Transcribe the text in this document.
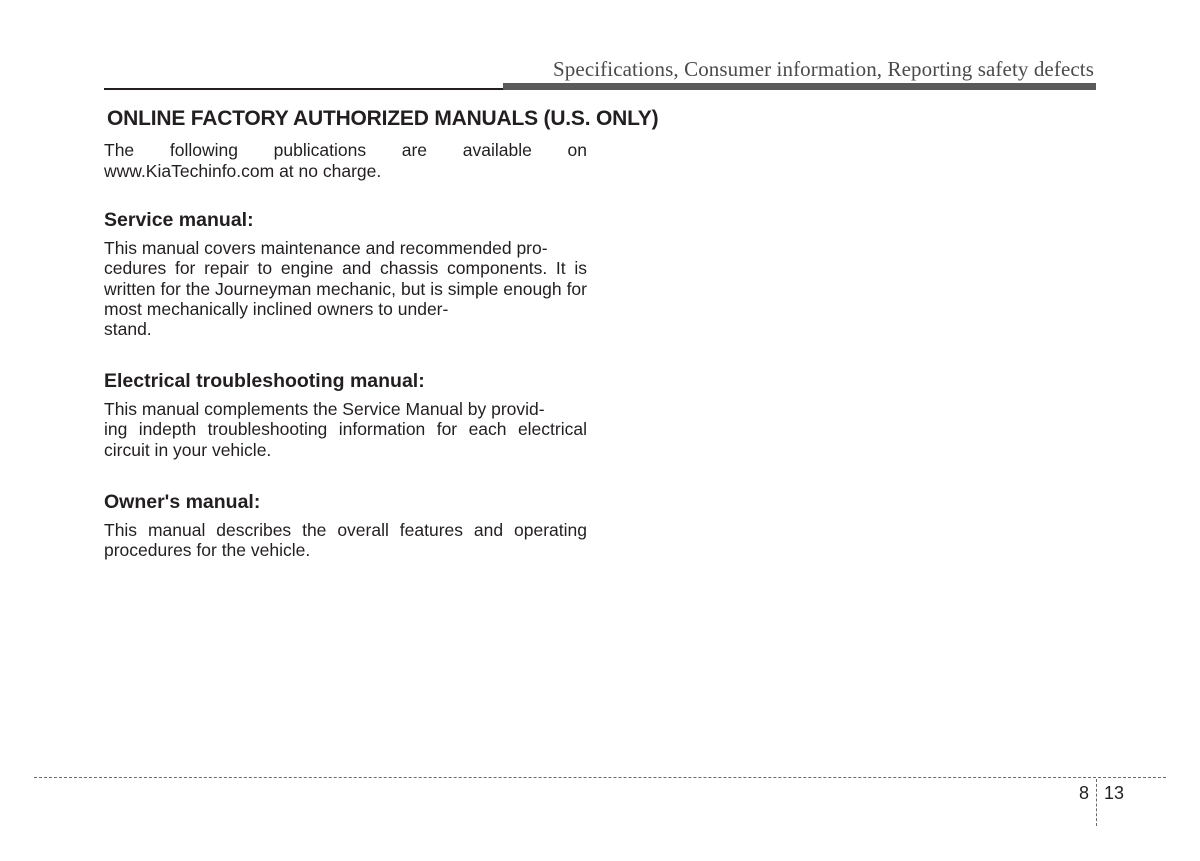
Specifications, Consumer information, Reporting safety defects
ONLINE FACTORY AUTHORIZED MANUALS (U.S. ONLY)
The following publications are available on
www.KiaTechinfo.com at no charge.
Service manual:

This manual covers maintenance and recommended pro-
cedures for repair to engine and chassis components. It is written for the Journeyman mechanic, but is simple enough for most mechanically inclined owners to under-
stand.

Electrical troubleshooting manual:

This manual complements the Service Manual by provid-
ing indepth troubleshooting information for each electrical circuit in your vehicle.

Owner's manual:

This manual describes the overall features and operating procedures for the vehicle.

8 13
